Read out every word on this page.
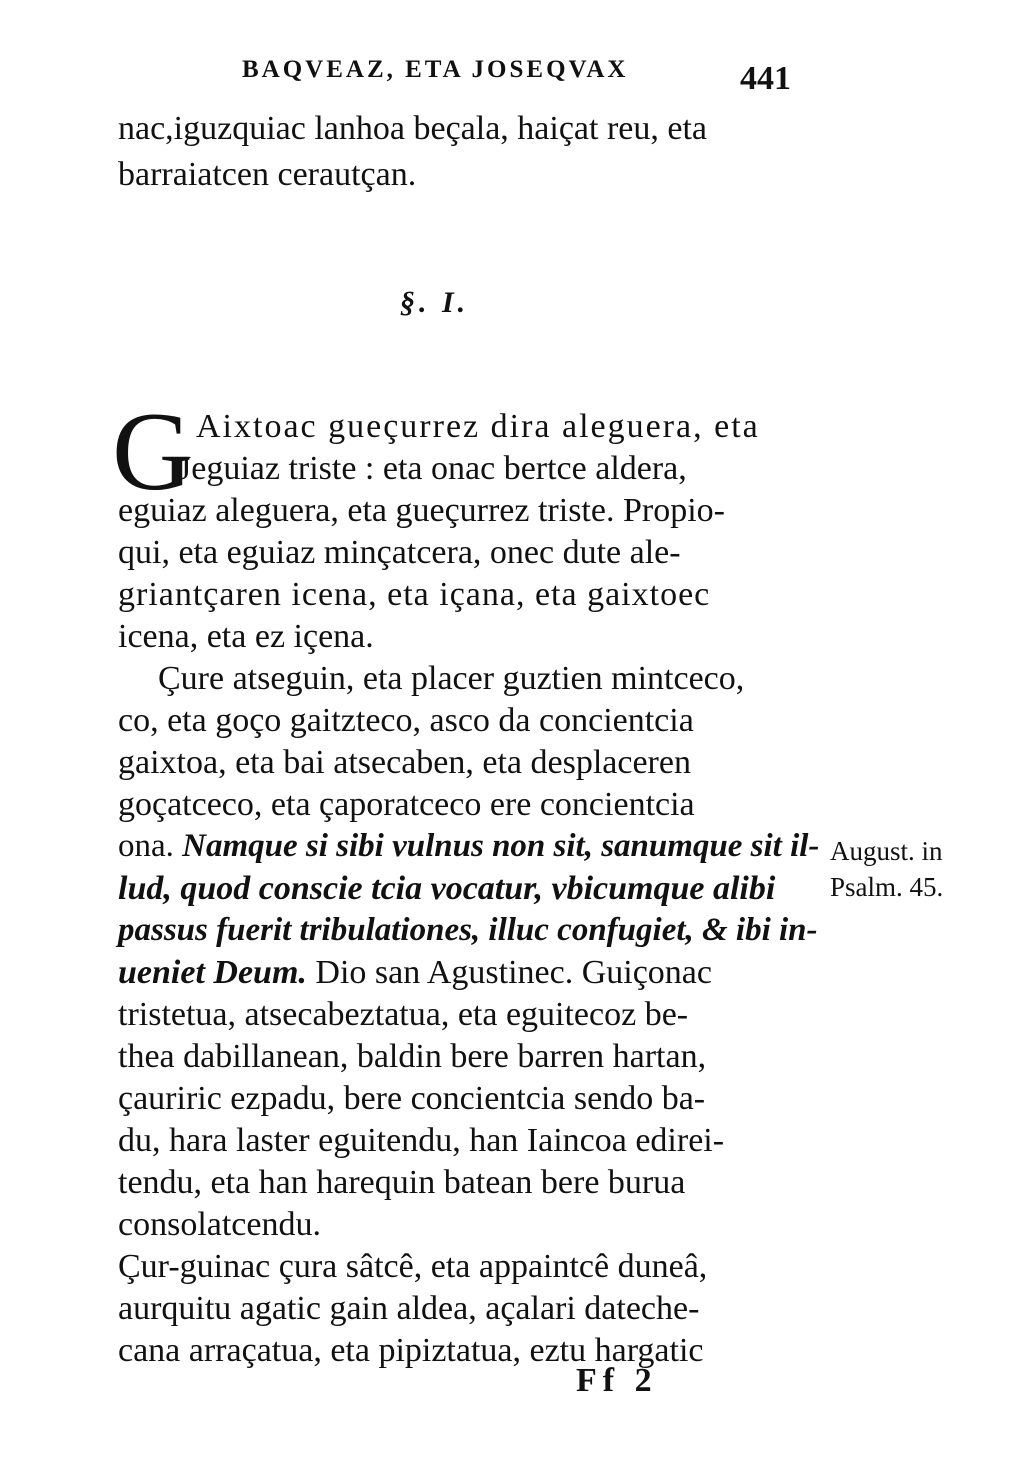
BAQVEAZ, ETA JOSEQVAX	441
nac,iguzquiac lanhoa beçala, haiçat reu, eta
barraiatcen cerautçan.
§. I.
G Aixtoac gueçurrez dira aleguera, eta
Jeguiaz triste : eta onac bertce aldera,
eguiaz aleguera, eta gueçurrez triste. Propio-
qui, eta eguiaz minçatcera, onec dute ale-
griantçaren icena, eta içana, eta gaixtoec
icena, eta ez içena.
Çure atseguin, eta placer guztien mintceco,
co, eta goço gaitzteco, asco da concientcia
gaixtoa, eta bai atsecaben, eta desplaceren
goçatceco, eta çaporatceco ere concientcia
ona. Namque si sibi vulnus non sit, sanumque sit il-
lud, quod conscie tcia vocatur, vbicumque alibi
passus fuerit tribulationes, illuc confugiet, & ibi in-
ueniet Deum. Dio san Agustinec. Guiçonac
tristetua, atsecabeztatua, eta eguitecoz be-
thea dabillanean, baldin bere barren hartan,
çauriric ezpadu, bere concientcia sendo ba-
du, hara laster eguitendu, han Iaincoa edirei-
tendu, eta han harequin batean bere burua
consolatcendu.
Çur-guinac çura sâtcê, eta appaintcê duneâ,
aurquitu agatic gain aldea, açalari dateche-
cana arraçatua, eta pipiztatua, eztu hargatic
August. in
Psalm. 45.
Ff 2
